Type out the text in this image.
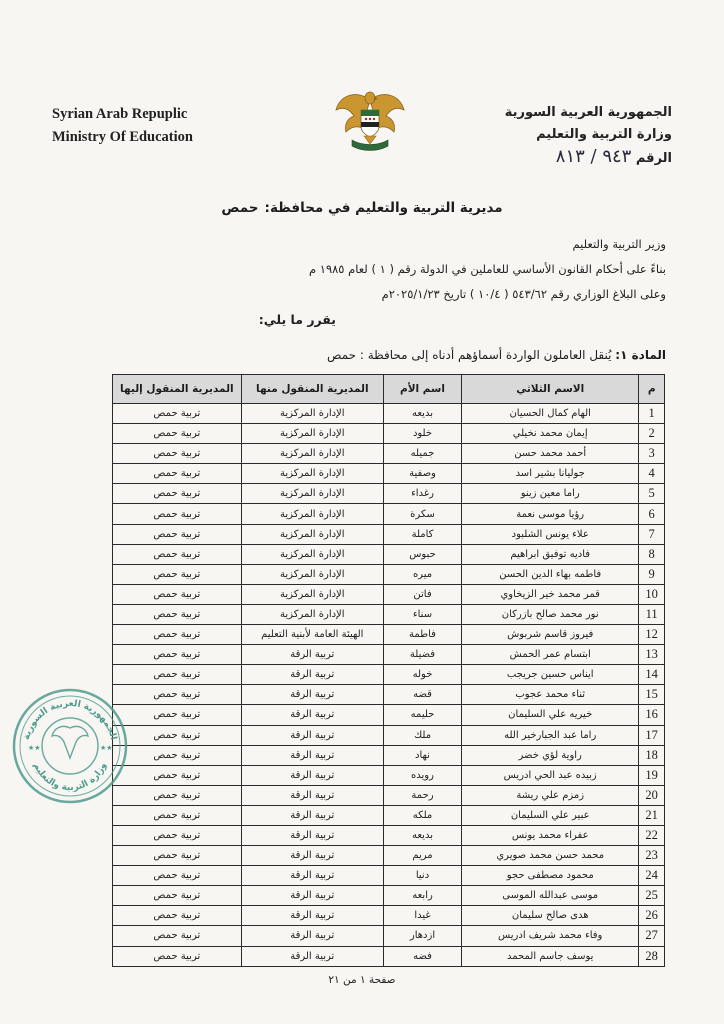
Syrian Arab Repuplic
Ministry Of Education
الجمهورية العربية السورية
وزارة التربية والتعليم
الرقم ٩٤٣ / ٨١٣
مديرية التربية والتعليم في محافظة:حمص
وزير التربية والتعليم
بناءً على أحكام القانون الأساسي للعاملين في الدولة رقم ( ١ ) لعام ١٩٨٥ م
وعلى البلاغ الوزاري رقم ٥٤٣/٦٢ ( ١٠/٤ ) تاريخ ٢٠٢٥/١/٢٣م
يقرر ما يلي:
المادة ١: يُنقل العاملون الواردة أسماؤهم أدناه إلى محافظة : حمص
م	الاسم الثلاثي	اسم الأم	المديرية المنقول منها	المديرية المنقول إليها
1	الهام كمال الحسيان	بديعه	الإدارة المركزية	تربية حمص
2	إيمان محمد نخيلي	خلود	الإدارة المركزية	تربية حمص
3	أحمد محمد حسن	جميله	الإدارة المركزية	تربية حمص
4	جوليانا بشير اسد	وصفية	الإدارة المركزية	تربية حمص
5	راما معين زينو	رغداء	الإدارة المركزية	تربية حمص
6	رؤيا موسى نعمة	سكرة	الإدارة المركزية	تربية حمص
7	علاء يونس الشلبود	كاملة	الإدارة المركزية	تربية حمص
8	فاديه توفيق ابراهيم	حبوس	الإدارة المركزية	تربية حمص
9	فاطمه بهاء الدين الحسن	ميره	الإدارة المركزية	تربية حمص
10	قمر محمد خير الزيخاوي	فاتن	الإدارة المركزية	تربية حمص
11	نور محمد صالح بازركان	سناء	الإدارة المركزية	تربية حمص
12	فيروز قاسم شربوش	فاطمة	الهيئة العامة لأبنية التعليم	تربية حمص
13	ابتسام عمر الحمش	فضيلة	تربية الرقة	تربية حمص
14	ايناس حسين جريجب	خوله	تربية الرقة	تربية حمص
15	ثناء محمد عجوب	قضه	تربية الرقة	تربية حمص
16	خيريه علي السليمان	حليمه	تربية الرقة	تربية حمص
17	راما عبد الجبارخير الله	ملك	تربية الرقة	تربية حمص
18	راوية لؤي خضر	نهاد	تربية الرقة	تربية حمص
19	زبيده عبد الحي ادريس	رويده	تربية الرقة	تربية حمص
20	زمزم علي ريشة	رحمة	تربية الرقة	تربية حمص
21	عبير علي السليمان	ملكه	تربية الرقة	تربية حمص
22	عفراء محمد يونس	بديعه	تربية الرقة	تربية حمص
23	محمد حسن محمد صويري	مريم	تربية الرقة	تربية حمص
24	محمود مصطفى حجو	دنيا	تربية الرقة	تربية حمص
25	موسى عبدالله الموسى	رابعه	تربية الرقة	تربية حمص
26	هدى صالح سليمان	غيدا	تربية الرقة	تربية حمص
27	وفاء محمد شريف ادريس	ازدهار	تربية الرقة	تربية حمص
28	يوسف جاسم المحمد	فضه	تربية الرقة	تربية حمص
الجمهورية العربية السورية
وزارة التربية والتعليم
★★	★★
صفحة ١ من ٢١
